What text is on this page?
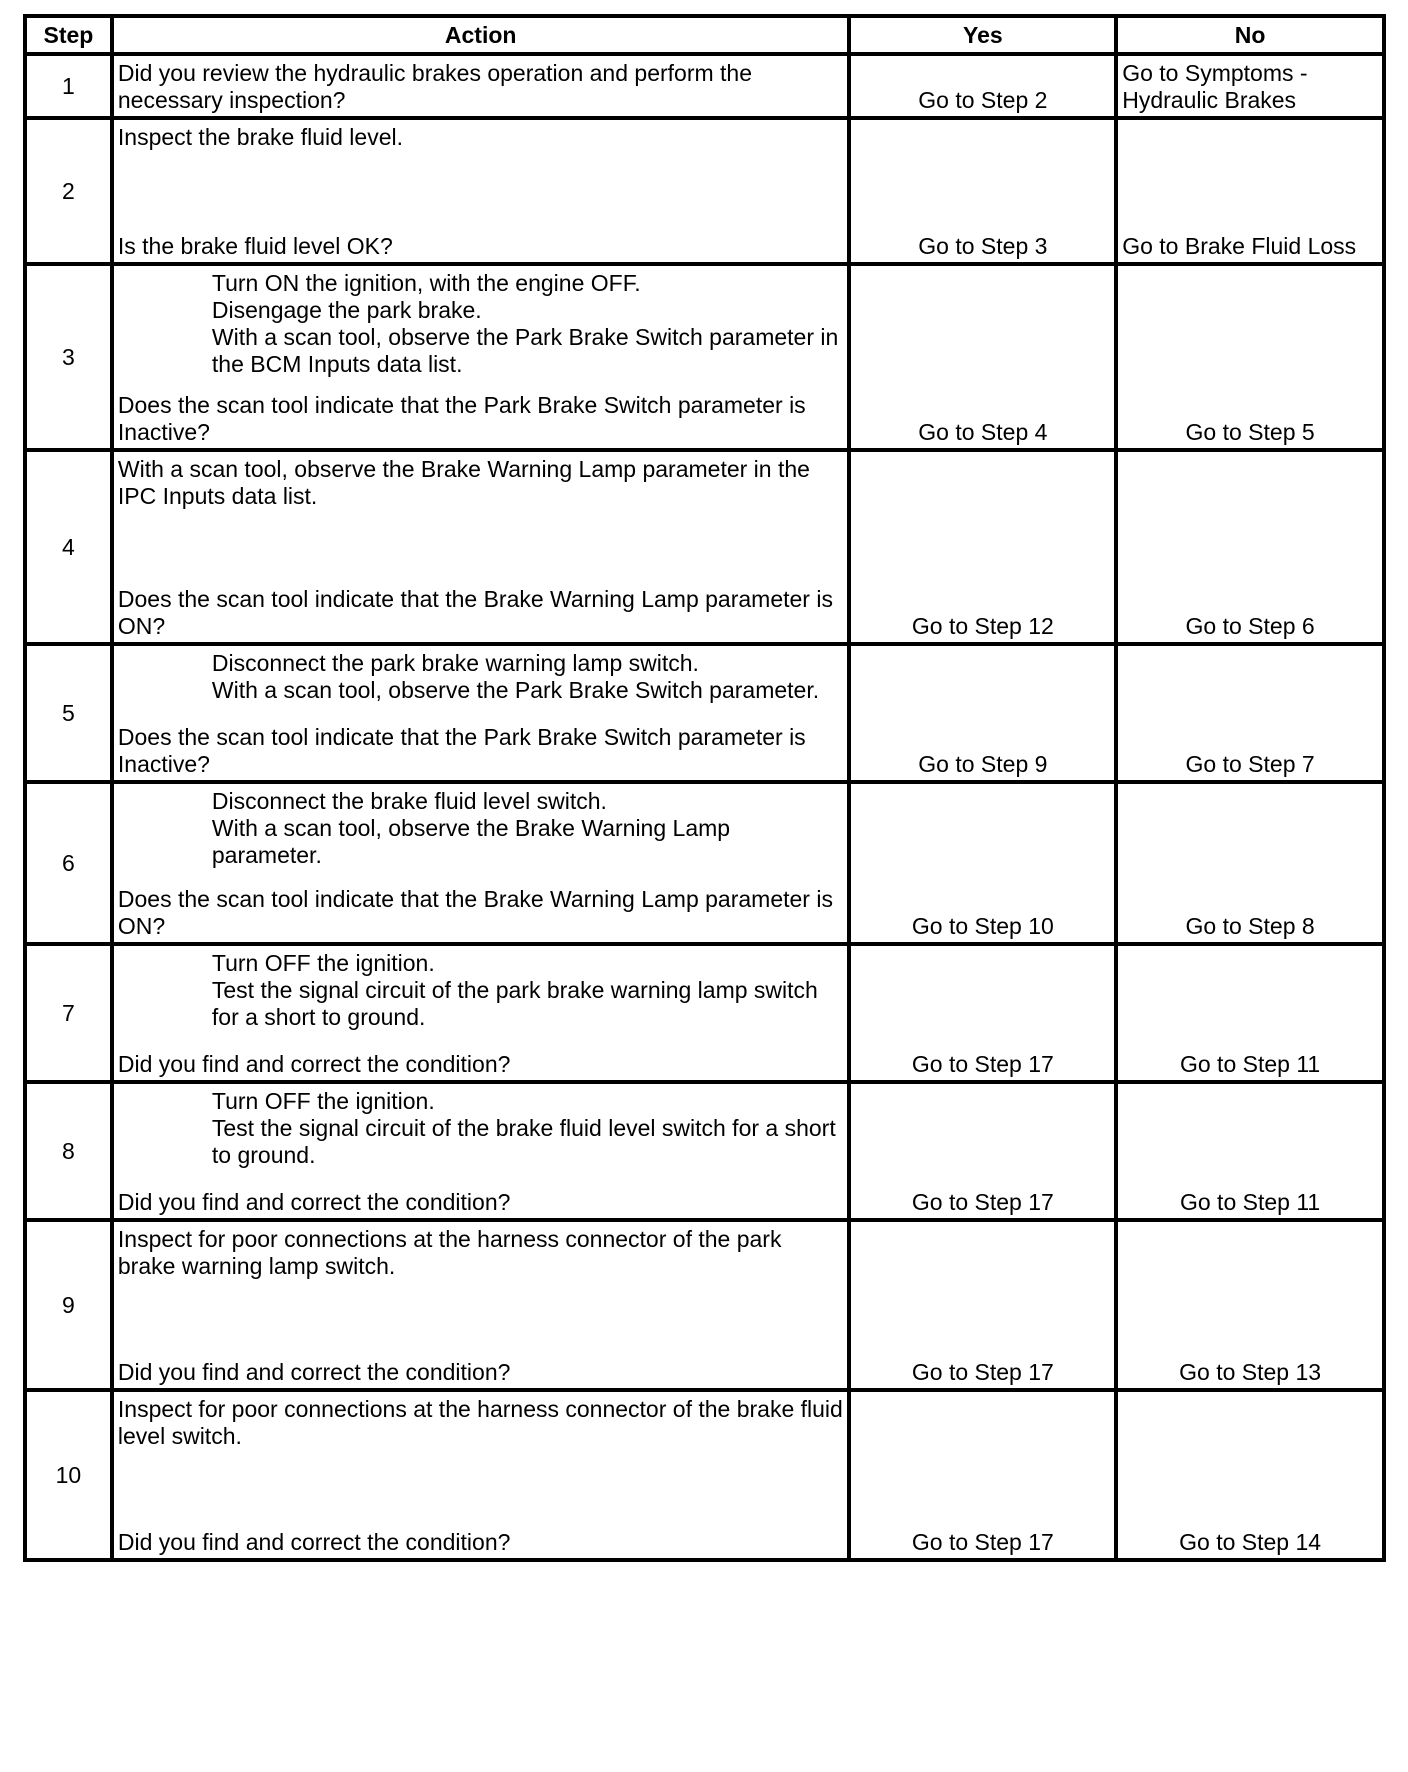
Step	Action	Yes	No
1	Did you review the hydraulic brakes operation and perform the necessary inspection?	Go to Step 2	Go to Symptoms - Hydraulic Brakes
2	Inspect the brake fluid level.
Is the brake fluid level OK?	Go to Step 3	Go to Brake Fluid Loss
3	Turn ON the ignition, with the engine OFF.
Disengage the park brake.
With a scan tool, observe the Park Brake Switch parameter in the BCM Inputs data list.
Does the scan tool indicate that the Park Brake Switch parameter is Inactive?	Go to Step 4	Go to Step 5
4	With a scan tool, observe the Brake Warning Lamp parameter in the IPC Inputs data list.
Does the scan tool indicate that the Brake Warning Lamp parameter is ON?	Go to Step 12	Go to Step 6
5	Disconnect the park brake warning lamp switch.
With a scan tool, observe the Park Brake Switch parameter.
Does the scan tool indicate that the Park Brake Switch parameter is Inactive?	Go to Step 9	Go to Step 7
6	Disconnect the brake fluid level switch.
With a scan tool, observe the Brake Warning Lamp parameter.
Does the scan tool indicate that the Brake Warning Lamp parameter is ON?	Go to Step 10	Go to Step 8
7	Turn OFF the ignition.
Test the signal circuit of the park brake warning lamp switch for a short to ground.
Did you find and correct the condition?	Go to Step 17	Go to Step 11
8	Turn OFF the ignition.
Test the signal circuit of the brake fluid level switch for a short to ground.
Did you find and correct the condition?	Go to Step 17	Go to Step 11
9	Inspect for poor connections at the harness connector of the park brake warning lamp switch.
Did you find and correct the condition?	Go to Step 17	Go to Step 13
10	Inspect for poor connections at the harness connector of the brake fluid level switch.
Did you find and correct the condition?	Go to Step 17	Go to Step 14
